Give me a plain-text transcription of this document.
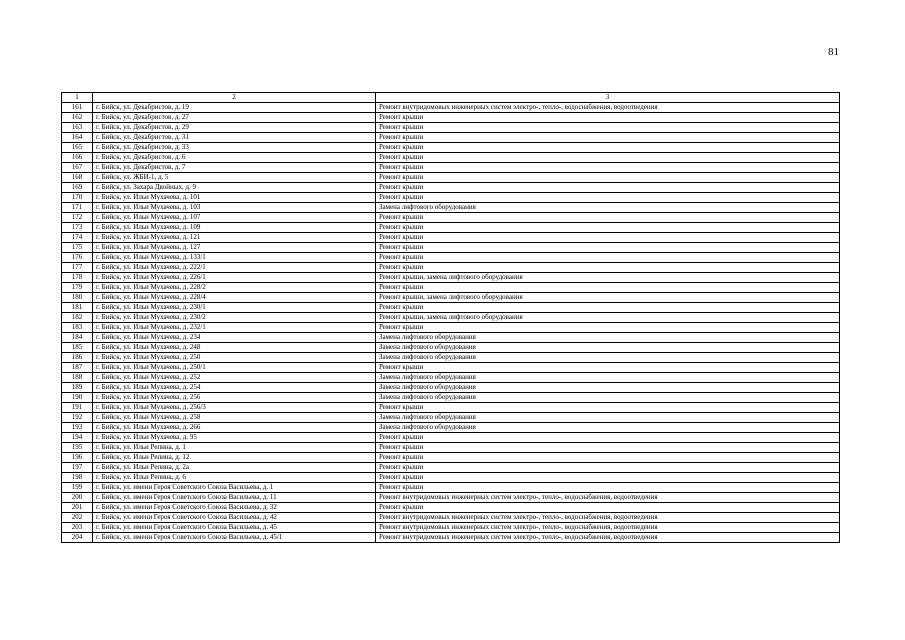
81
1	2	3
161	г. Бийск, ул. Декабристов, д. 19	Ремонт внутридомовых инженерных систем электро-, тепло-, водоснабжения, водоотведения
162	г. Бийск, ул. Декабристов, д. 27	Ремонт крыши
163	г. Бийск, ул. Декабристов, д. 29	Ремонт крыши
164	г. Бийск, ул. Декабристов, д. 31	Ремонт крыши
165	г. Бийск, ул. Декабристов, д. 33	Ремонт крыши
166	г. Бийск, ул. Декабристов, д. 6	Ремонт крыши
167	г. Бийск, ул. Декабристов, д. 7	Ремонт крыши
168	г. Бийск, ул. ЖБИ-1, д. 5	Ремонт крыши
169	г. Бийск, ул. Захара Двойных, д. 9	Ремонт крыши
170	г. Бийск, ул. Ильи Мухачева, д. 101	Ремонт крыши
171	г. Бийск, ул. Ильи Мухачева, д. 103	Замена лифтового оборудования
172	г. Бийск, ул. Ильи Мухачева, д. 107	Ремонт крыши
173	г. Бийск, ул. Ильи Мухачева, д. 109	Ремонт крыши
174	г. Бийск, ул. Ильи Мухачева, д. 121	Ремонт крыши
175	г. Бийск, ул. Ильи Мухачева, д. 127	Ремонт крыши
176	г. Бийск, ул. Ильи Мухачева, д. 133/1	Ремонт крыши
177	г. Бийск, ул. Ильи Мухачева, д. 222/1	Ремонт крыши
178	г. Бийск, ул. Ильи Мухачева, д. 226/1	Ремонт крыши, замена лифтового оборудования
179	г. Бийск, ул. Ильи Мухачева, д. 228/2	Ремонт крыши
180	г. Бийск, ул. Ильи Мухачева, д. 228/4	Ремонт крыши, замена лифтового оборудования
181	г. Бийск, ул. Ильи Мухачева, д. 230/1	Ремонт крыши
182	г. Бийск, ул. Ильи Мухачева, д. 230/2	Ремонт крыши, замена лифтового оборудования
183	г. Бийск, ул. Ильи Мухачева, д. 232/1	Ремонт крыши
184	г. Бийск, ул. Ильи Мухачева, д. 234	Замена лифтового оборудования
185	г. Бийск, ул. Ильи Мухачева, д. 248	Замена лифтового оборудования
186	г. Бийск, ул. Ильи Мухачева, д. 250	Замена лифтового оборудования
187	г. Бийск, ул. Ильи Мухачева, д. 250/1	Ремонт крыши
188	г. Бийск, ул. Ильи Мухачева, д. 252	Замена лифтового оборудования
189	г. Бийск, ул. Ильи Мухачева, д. 254	Замена лифтового оборудования
190	г. Бийск, ул. Ильи Мухачева, д. 256	Замена лифтового оборудования
191	г. Бийск, ул. Ильи Мухачева, д. 256/3	Ремонт крыши
192	г. Бийск, ул. Ильи Мухачева, д. 258	Замена лифтового оборудования
193	г. Бийск, ул. Ильи Мухачева, д. 266	Замена лифтового оборудования
194	г. Бийск, ул. Ильи Мухачева, д. 95	Ремонт крыши
195	г. Бийск, ул. Ильи Репина, д. 1	Ремонт крыши
196	г. Бийск, ул. Ильи Репина, д. 12	Ремонт крыши
197	г. Бийск, ул. Ильи Репина, д. 2а	Ремонт крыши
198	г. Бийск, ул. Ильи Репина, д. 6	Ремонт крыши
199	г. Бийск, ул. имени Героя Советского Союза Васильева, д. 1	Ремонт крыши
200	г. Бийск, ул. имени Героя Советского Союза Васильева, д. 11	Ремонт внутридомовых инженерных систем электро-, тепло-, водоснабжения, водоотведения
201	г. Бийск, ул. имени Героя Советского Союза Васильева, д. 32	Ремонт крыши
202	г. Бийск, ул. имени Героя Советского Союза Васильева, д. 42	Ремонт внутридомовых инженерных систем электро-, тепло-, водоснабжения, водоотведения
203	г. Бийск, ул. имени Героя Советского Союза Васильева, д. 45	Ремонт внутридомовых инженерных систем электро-, тепло-, водоснабжения, водоотведения
204	г. Бийск, ул. имени Героя Советского Союза Васильева, д. 45/1	Ремонт внутридомовых инженерных систем электро-, тепло-, водоснабжения, водоотведения
